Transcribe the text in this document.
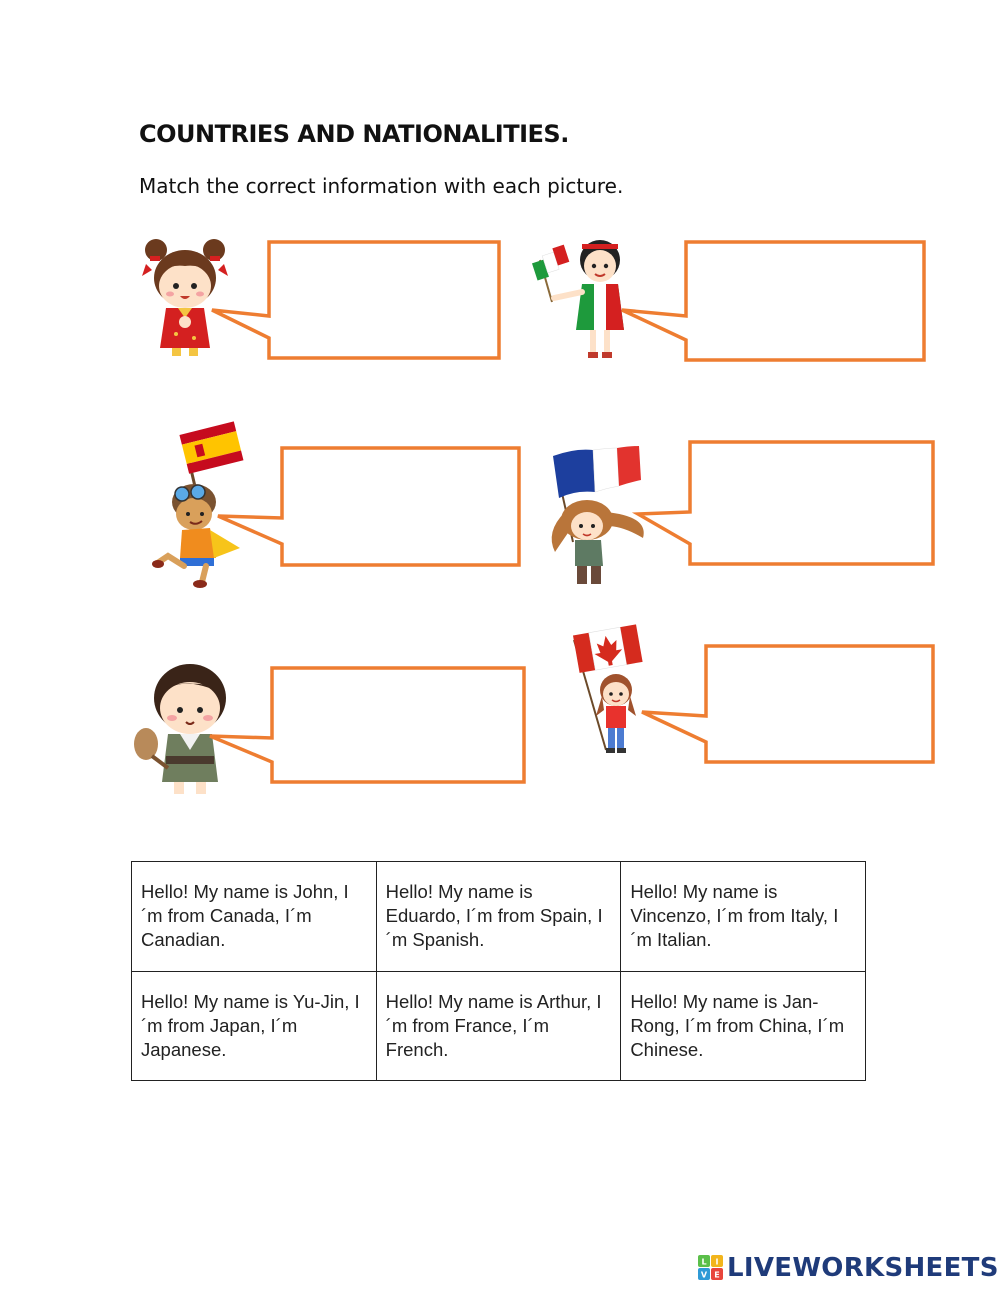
COUNTRIES AND NATIONALITIES.

Match the correct information with each picture.

Hello! My name is John, I´m from Canada, I´m Canadian.	Hello! My name is Eduardo, I´m from Spain, I´m Spanish.	Hello! My name is Vincenzo, I´m from Italy, I´m Italian.
Hello! My name is Yu-Jin, I´m from Japan, I´m Japanese.	Hello! My name is Arthur, I´m from France, I´m French.	Hello! My name is Jan-Rong, I´m from China, I´m Chinese.
L I
V E LIVEWORKSHEETS
